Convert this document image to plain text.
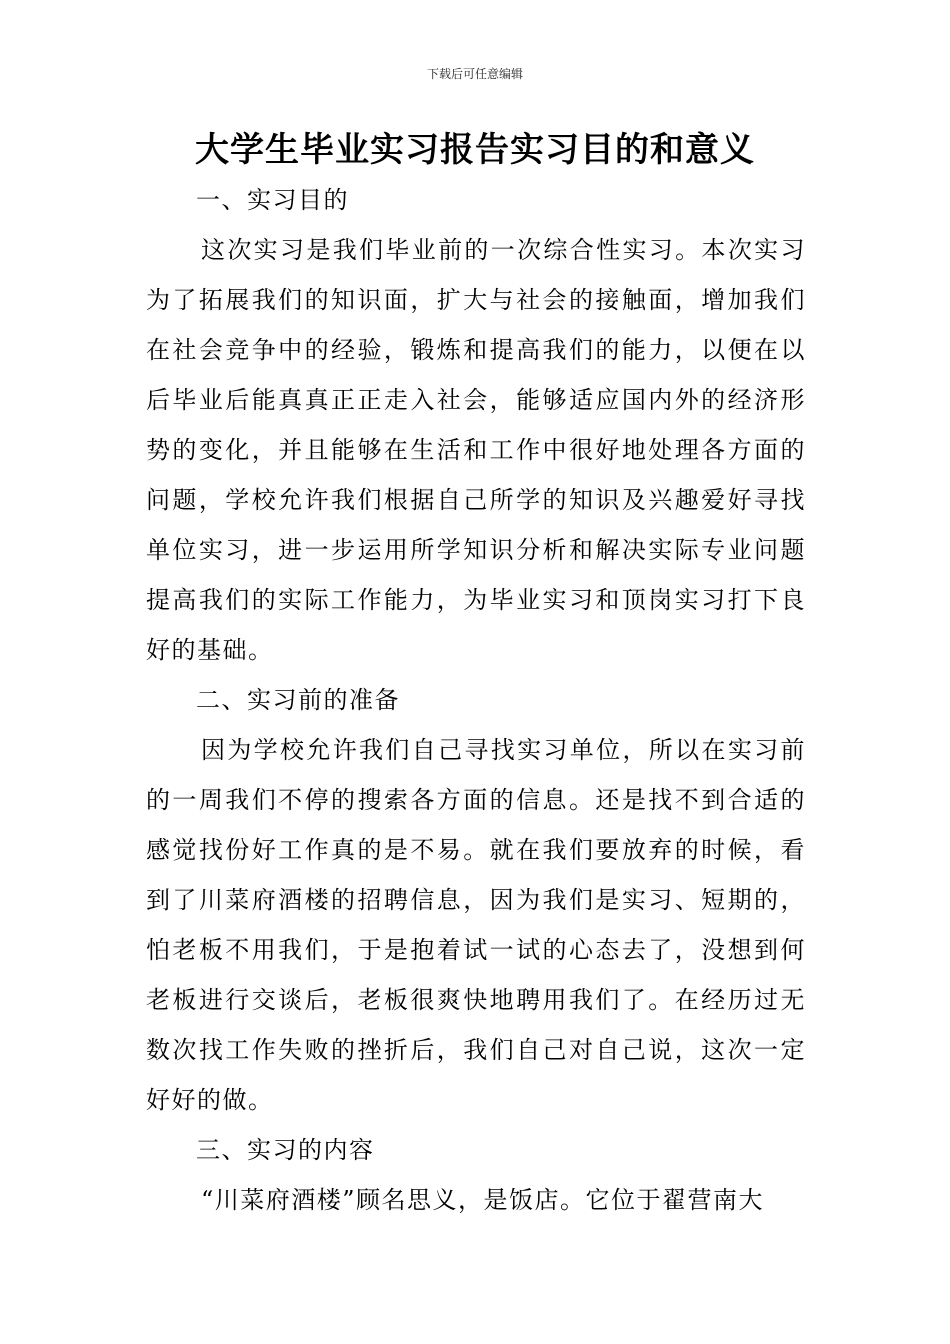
下载后可任意编辑
大学生毕业实习报告实习目的和意义

一、实习目的

这次实习是我们毕业前的一次综合性实习。本次实习为了拓展我们的知识面，扩大与社会的接触面，增加我们在社会竞争中的经验，锻炼和提高我们的能力，以便在以后毕业后能真真正正走入社会，能够适应国内外的经济形势的变化，并且能够在生活和工作中很好地处理各方面的问题，学校允许我们根据自己所学的知识及兴趣爱好寻找单位实习，进一步运用所学知识分析和解决实际专业问题提高我们的实际工作能力，为毕业实习和顶岗实习打下良好的基础。

二、实习前的准备

因为学校允许我们自己寻找实习单位，所以在实习前的一周我们不停的搜索各方面的信息。还是找不到合适的感觉找份好工作真的是不易。就在我们要放弃的时候，看到了川菜府酒楼的招聘信息，因为我们是实习、短期的，怕老板不用我们，于是抱着试一试的心态去了，没想到何老板进行交谈后，老板很爽快地聘用我们了。在经历过无数次找工作失败的挫折后，我们自己对自己说，这次一定好好的做。

三、实习的内容

“川菜府酒楼”顾名思义，是饭店。它位于翟营南大
